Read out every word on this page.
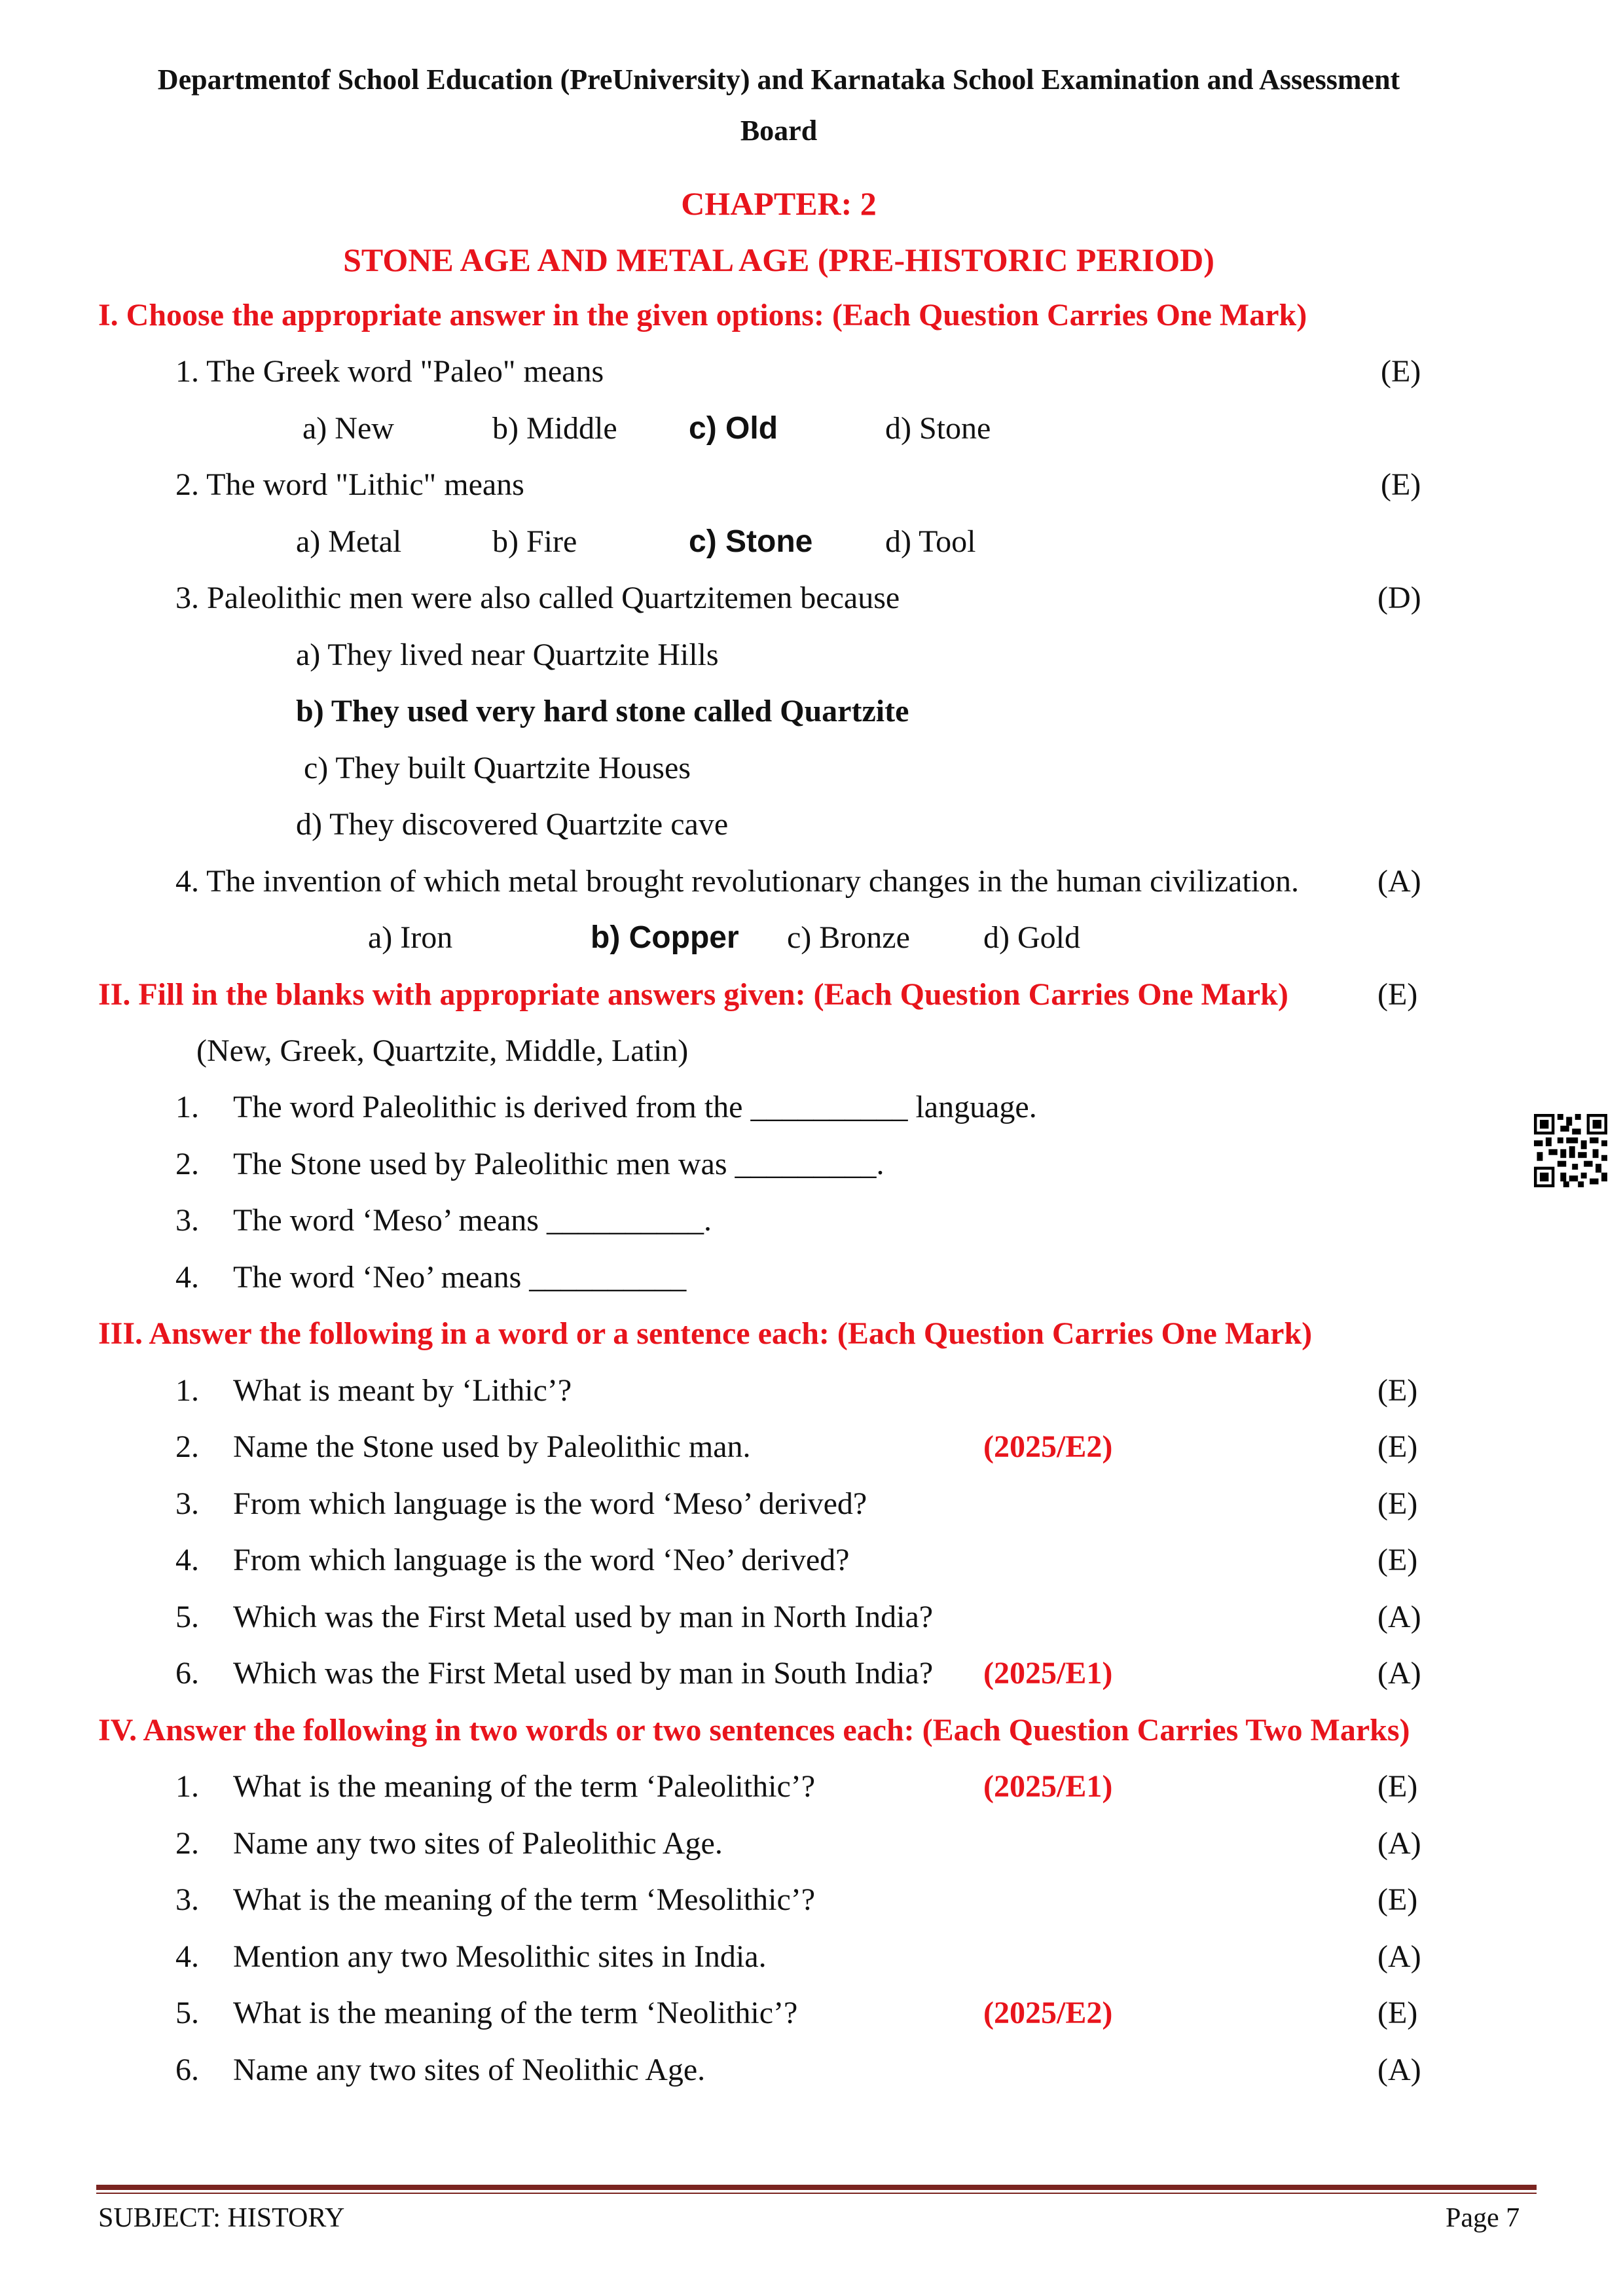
Departmentof School Education (PreUniversity) and Karnataka School Examination and Assessment
Board
CHAPTER: 2
STONE AGE AND METAL AGE (PRE-HISTORIC PERIOD)
I. Choose the appropriate answer in the given options: (Each Question Carries One Mark)
1. The Greek word "Paleo" means	(E)
a) New	b) Middle c) Old	d) Stone
2. The word "Lithic" means	(E)
a) Metal	b) Fire	c) Stone d) Tool
3. Paleolithic men were also called Quartzitemen because	(D)
a) They lived near Quartzite Hills
b) They used very hard stone called Quartzite
c) They built Quartzite Houses
d) They discovered Quartzite cave
4. The invention of which metal brought revolutionary changes in the human civilization. (A)
a) Iron	b) Copper c) Bronze d) Gold
II. Fill in the blanks with appropriate answers given: (Each Question Carries One Mark)	(E)
(New, Greek, Quartzite, Middle, Latin)
1. The word Paleolithic is derived from the __________ language.
2. The Stone used by Paleolithic men was _________.
3. The word ‘Meso’ means __________.
4. The word ‘Neo’ means __________
III. Answer the following in a word or a sentence each: (Each Question Carries One Mark)
1. What is meant by ‘Lithic’?	(E)
2. Name the Stone used by Paleolithic man.	(2025/E2)	(E)
3. From which language is the word ‘Meso’ derived?	(E)
4. From which language is the word ‘Neo’ derived?	(E)
5. Which was the First Metal used by man in North India?	(A)
6. Which was the First Metal used by man in South India? (2025/E1)	(A)
IV. Answer the following in two words or two sentences each: (Each Question Carries Two Marks)
1. What is the meaning of the term ‘Paleolithic’?	(2025/E1)	(E)
2. Name any two sites of Paleolithic Age.	(A)
3. What is the meaning of the term ‘Mesolithic’?	(E)
4. Mention any two Mesolithic sites in India.	(A)
5. What is the meaning of the term ‘Neolithic’?	(2025/E2)	(E)
6. Name any two sites of Neolithic Age.	(A)
SUBJECT: HISTORY	Page 7
